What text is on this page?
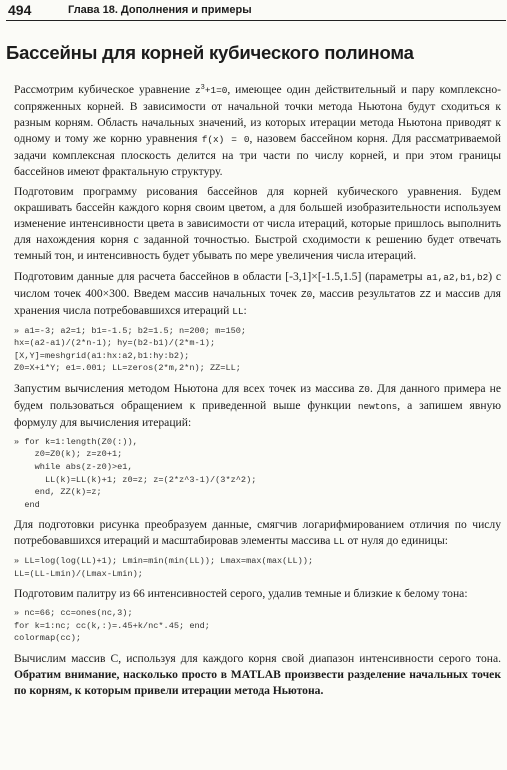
494	Глава 18. Дополнения и примеры
Бассейны для корней кубического полинома

Рассмотрим кубическое уравнение $z^3+1=0$, имеющее один действительный и пару комплексно-сопряженных корней. В зависимости от начальной точки метода Ньютона будут сходиться к разным корням. Область начальных значений, из которых итерации метода Ньютона приводят к одному и тому же корню уравнения f(x) = 0, назовем бассейном корня. Для рассматриваемой задачи комплексная плоскость делится на три части по числу корней, и при этом границы бассейнов имеют фрактальную структуру.

Подготовим программу рисования бассейнов для корней кубического уравнения. Будем окрашивать бассейн каждого корня своим цветом, а для большей изобразительности используем изменение интенсивности цвета в зависимости от числа итераций, которые пришлось выполнить для нахождения корня с заданной точностью. Быстрой сходимости к решению будет отвечать темный тон, и интенсивность будет убывать по мере увеличения числа итераций.

Подготовим данные для расчета бассейнов в области [-3,1]×[-1.5,1.5] (параметры a1,a2,b1,b2) с числом точек 400×300. Введем массив начальных точек Z0, массив результатов ZZ и массив для хранения числа потребовавшихся итераций LL:

» a1=-3; a2=1; b1=-1.5; b2=1.5; n=200; m=150;
hx=(a2-a1)/(2*n-1); hy=(b2-b1)/(2*m-1);
[X,Y]=meshgrid(a1:hx:a2,b1:hy:b2);
Z0=X+i*Y; e1=.001; LL=zeros(2*m,2*n); ZZ=LL;

Запустим вычисления методом Ньютона для всех точек из массива Z0. Для данного примера не будем пользоваться обращением к приведенной выше функции newtons, а запишем явную формулу для вычисления итераций:

» for k=1:length(Z0(:)),
z0=Z0(k); z=z0+1;
while abs(z-z0)>e1,
LL(k)=LL(k)+1; z0=z; z=(2*z^3-1)/(3*z^2);
end, ZZ(k)=z;
end

Для подготовки рисунка преобразуем данные, смягчив логарифмированием отличия по числу потребовавшихся итераций и масштабировав элементы массива LL от нуля до единицы:

» LL=log(log(LL)+1); Lmin=min(min(LL)); Lmax=max(max(LL));
LL=(LL-Lmin)/(Lmax-Lmin);

Подготовим палитру из 66 интенсивностей серого, удалив темные и близкие к белому тона:

» nc=66; cc=ones(nc,3);
for k=1:nc; cc(k,:)=.45+k/nc*.45; end;
colormap(cc);

Вычислим массив С, используя для каждого корня свой диапазон интенсивности серого тона. Обратим внимание, насколько просто в MATLAB произвести разделение начальных точек по корням, к которым привели итерации метода Ньютона.
